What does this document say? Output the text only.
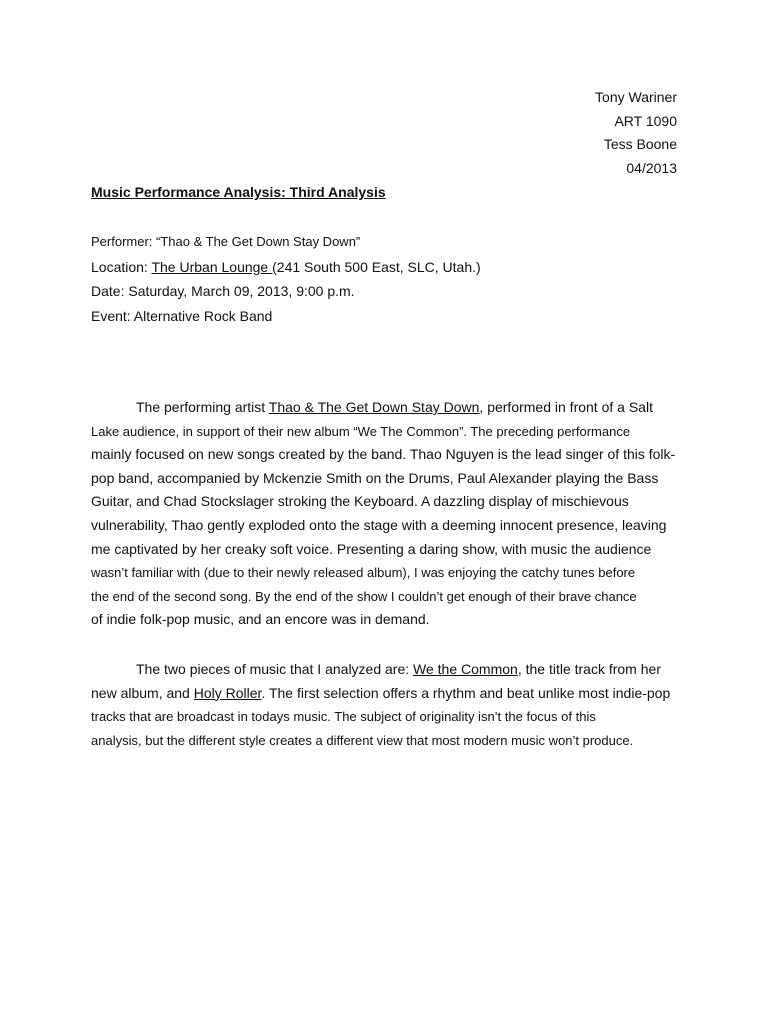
Tony Wariner
ART 1090
Tess Boone
04/2013
Music Performance Analysis: Third Analysis
Performer: “Thao & The Get Down Stay Down”
Location: The Urban Lounge (241 South 500 East, SLC, Utah.)
Date: Saturday, March 09, 2013, 9:00 p.m.
Event: Alternative Rock Band
The performing artist Thao & The Get Down Stay Down, performed in front of a Salt
Lake audience, in support of their new album “We The Common”. The preceding performance
mainly focused on new songs created by the band. Thao Nguyen is the lead singer of this folk-
pop band, accompanied by Mckenzie Smith on the Drums, Paul Alexander playing the Bass
Guitar, and Chad Stockslager stroking the Keyboard. A dazzling display of mischievous
vulnerability, Thao gently exploded onto the stage with a deeming innocent presence, leaving
me captivated by her creaky soft voice. Presenting a daring show, with music the audience
wasn’t familiar with (due to their newly released album), I was enjoying the catchy tunes before
the end of the second song. By the end of the show I couldn’t get enough of their brave chance
of indie folk-pop music, and an encore was in demand.
The two pieces of music that I analyzed are: We the Common, the title track from her
new album, and Holy Roller. The first selection offers a rhythm and beat unlike most indie-pop
tracks that are broadcast in todays music. The subject of originality isn’t the focus of this
analysis, but the different style creates a different view that most modern music won’t produce.
